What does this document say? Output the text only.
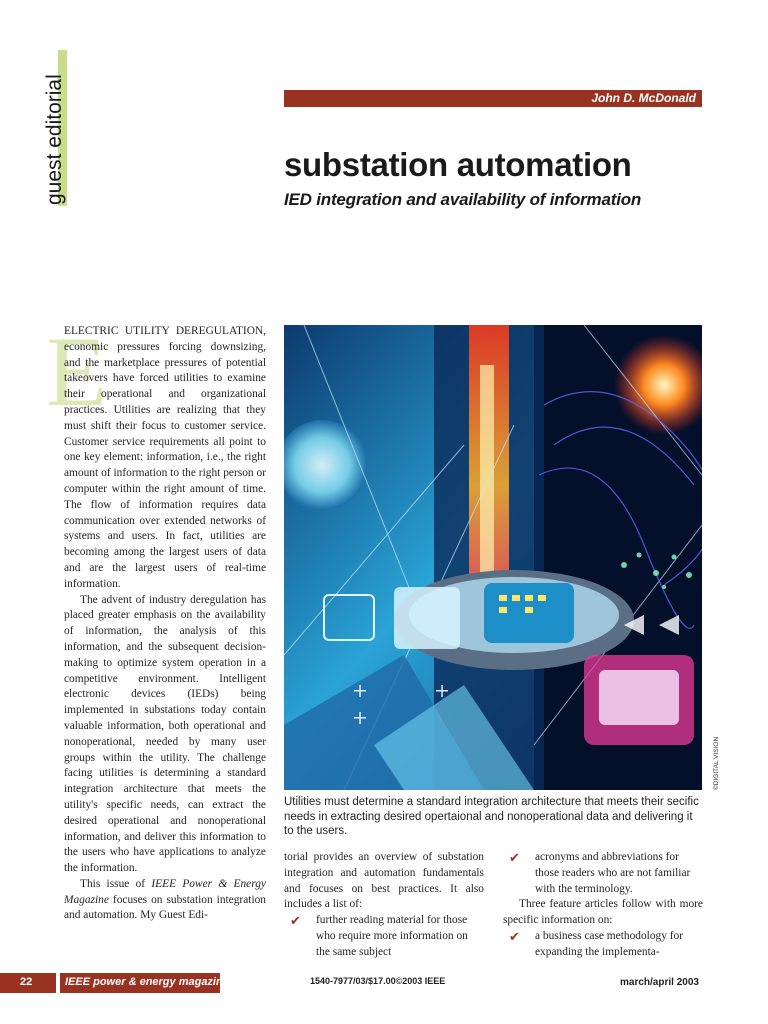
guest editorial	John D. McDonald
substation automation
IED integration and availability of information
E

ELECTRIC UTILITY DEREGULATION, economic pressures forcing downsizing, and the marketplace pressures of potential takeovers have forced utilities to examine their operational and organizational practices. Utilities are realizing that they must shift their focus to customer service. Customer service requirements all point to one key element: information, i.e., the right amount of information to the right person or computer within the right amount of time. The flow of information requires data communication over extended networks of systems and users. In fact, utilities are becoming among the largest users of data and are the largest users of real-time information.

The advent of industry deregulation has placed greater emphasis on the availability of information, the analysis of this information, and the subsequent decision-making to optimize system operation in a competitive environment. Intelligent electronic devices (IEDs) being implemented in substations today contain valuable information, both operational and nonoperational, needed by many user groups within the utility. The challenge facing utilities is determining a standard integration architecture that meets the utility's specific needs, can extract the desired operational and nonoperational information, and deliver this information to the users who have applications to analyze the information.

This issue of IEEE Power & Energy Magazine focuses on substation integration and automation. My Guest Edi-

©DIGITAL VISION
Utilities must determine a standard integration architecture that meets their secific needs in extracting desired opertaional and nonoperational data and delivering it to the users.

torial provides an overview of substation integration and automation fundamentals and focuses on best practices. It also includes a list of:

✔ further reading material for those who require more information on the same subject
✔ acronyms and abbreviations for those readers who are not familiar with the terminology.

Three feature articles follow with more specific information on:

✔ a business case methodology for expanding the implementa-
22	IEEE power & energy magazine	1540-7977/03/$17.00©2003 IEEE	march/april 2003
